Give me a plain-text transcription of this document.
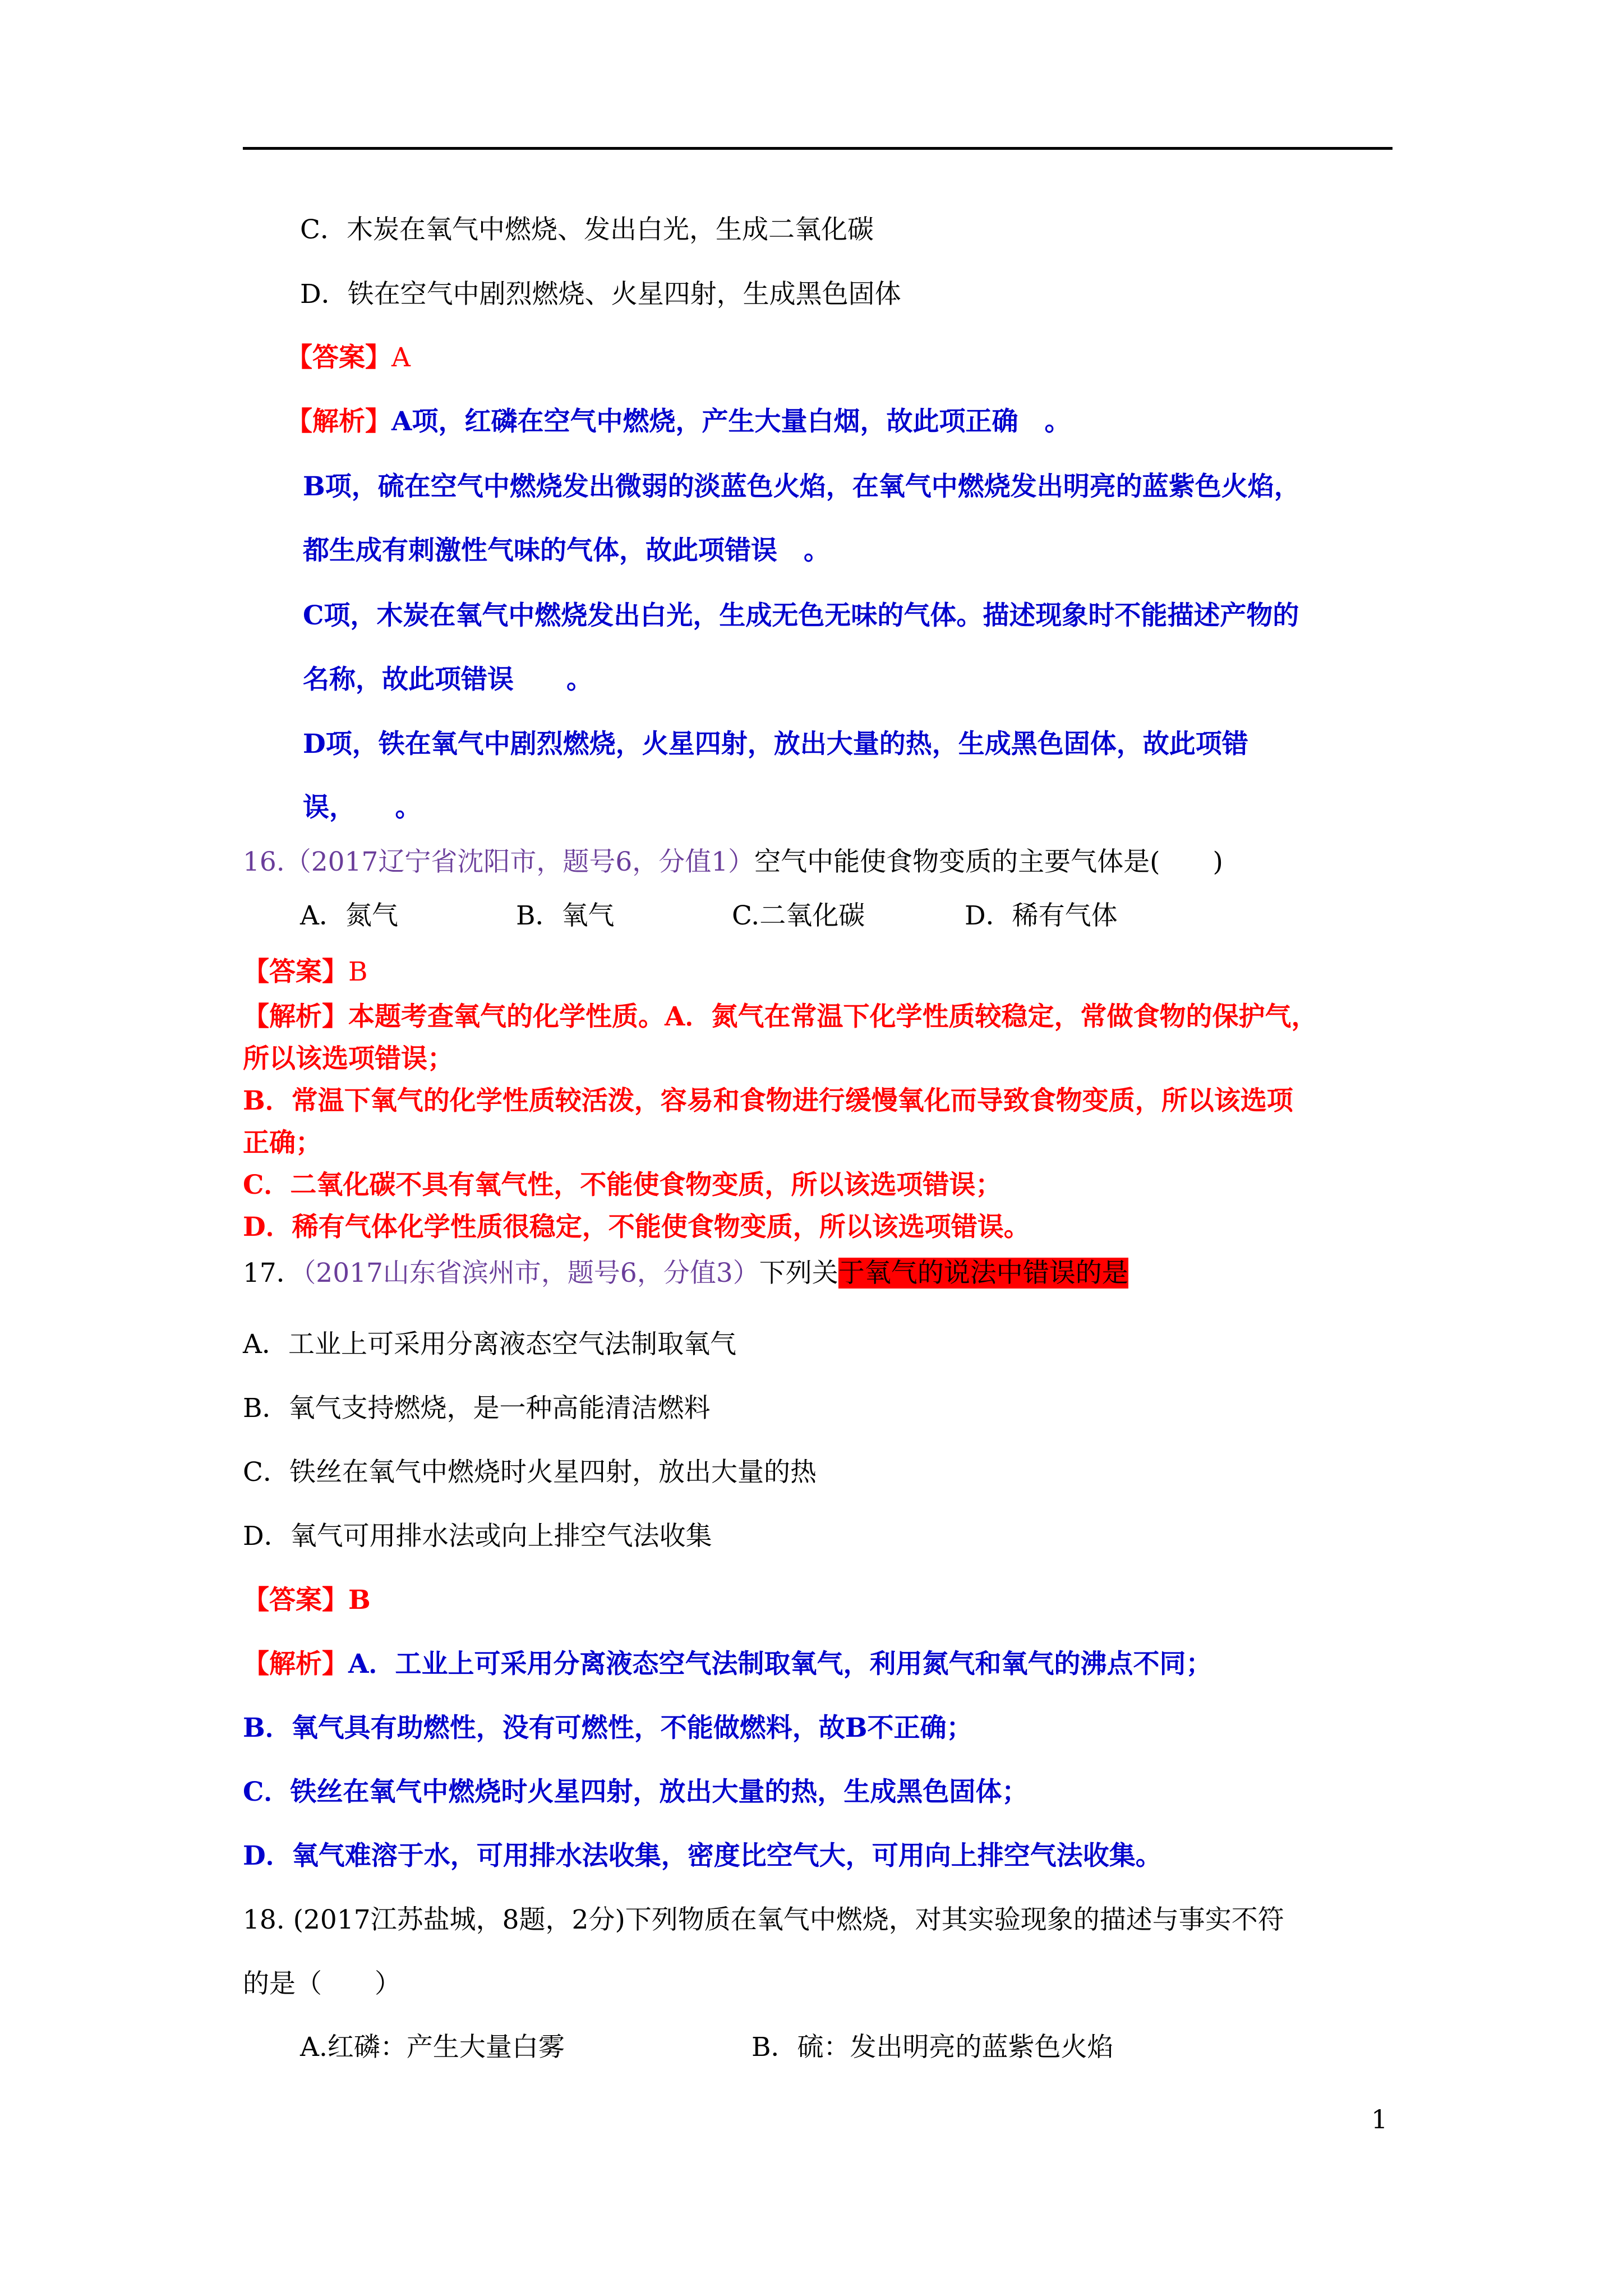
C．木炭在氧气中燃烧、发出白光，生成二氧化碳
D．铁在空气中剧烈燃烧、火星四射，生成黑色固体
【答案】A
【解析】A项，红磷在空气中燃烧，产生大量白烟，故此项正确　。
B项，硫在空气中燃烧发出微弱的淡蓝色火焰，在氧气中燃烧发出明亮的蓝紫色火焰，
都生成有刺激性气味的气体，故此项错误　。
C项，木炭在氧气中燃烧发出白光，生成无色无味的气体。描述现象时不能描述产物的
名称，故此项错误　　。
D项，铁在氧气中剧烈燃烧，火星四射，放出大量的热，生成黑色固体，故此项错
误，　　。
16.（2017辽宁省沈阳市，题号6，分值1）空气中能使食物变质的主要气体是(　　)
A．氮气	B．氧气	C.二氧化碳	D．稀有气体
【答案】B
【解析】本题考查氧气的化学性质。A．氮气在常温下化学性质较稳定，常做食物的保护气，
所以该选项错误；
B．常温下氧气的化学性质较活泼，容易和食物进行缓慢氧化而导致食物变质，所以该选项
正确；
C．二氧化碳不具有氧气性，不能使食物变质，所以该选项错误；
D．稀有气体化学性质很稳定，不能使食物变质，所以该选项错误。
17．（2017山东省滨州市，题号6，分值3）下列关于氧气的说法中错误的是
A．工业上可采用分离液态空气法制取氧气
B．氧气支持燃烧，是一种高能清洁燃料
C．铁丝在氧气中燃烧时火星四射，放出大量的热
D．氧气可用排水法或向上排空气法收集
【答案】B
【解析】A．工业上可采用分离液态空气法制取氧气，利用氮气和氧气的沸点不同；
B．氧气具有助燃性，没有可燃性，不能做燃料，故B不正确；
C．铁丝在氧气中燃烧时火星四射，放出大量的热，生成黑色固体；
D．氧气难溶于水，可用排水法收集，密度比空气大，可用向上排空气法收集。
18. (2017江苏盐城，8题，2分)下列物质在氧气中燃烧，对其实验现象的描述与事实不符
的是（　　）
A.红磷：产生大量白雾	B．硫：发出明亮的蓝紫色火焰
1
